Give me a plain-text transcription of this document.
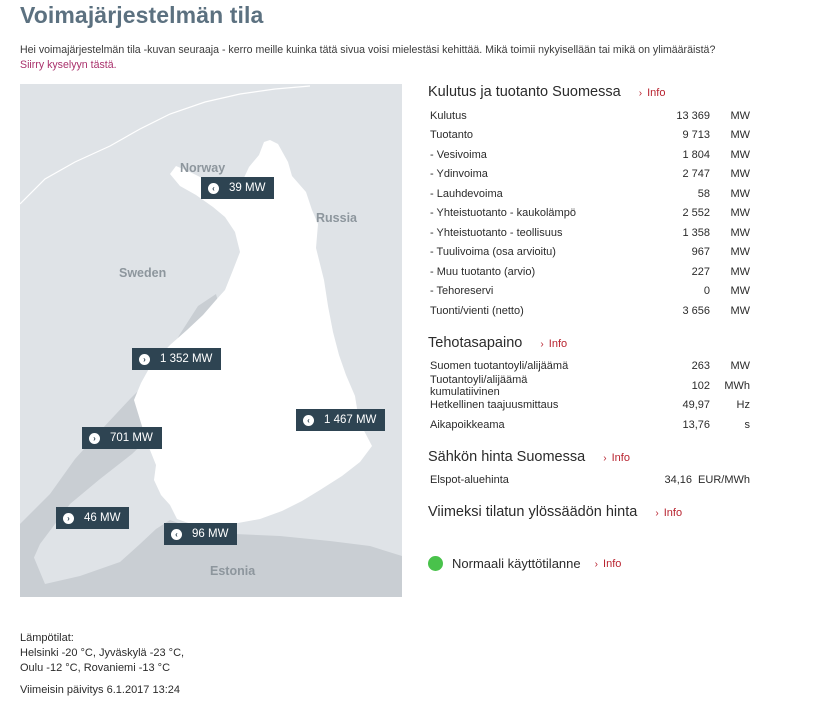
Voimajärjestelmän tila
Hei voimajärjestelmän tila -kuvan seuraaja - kerro meille kuinka tätä sivua voisi mielestäsi kehittää. Mikä toimii nykyisellään tai mikä on ylimääräistä?
Siirry kyselyyn tästä.
Norway
Sweden
Russia
Estonia
‹	39 MW
›	1 352 MW
‹	1 467 MW
›	701 MW
›	46 MW
‹	96 MW
Kulutus ja tuotanto Suomessa › Info
Kulutus	13 369	MW
Tuotanto	9 713	MW
- Vesivoima	1 804	MW
- Ydinvoima	2 747	MW
- Lauhdevoima	58	MW
- Yhteistuotanto - kaukolämpö	2 552	MW
- Yhteistuotanto - teollisuus	1 358	MW
- Tuulivoima (osa arvioitu)	967	MW
- Muu tuotanto (arvio)	227	MW
- Tehoreservi	0	MW
Tuonti/vienti (netto)	3 656	MW
Tehotasapaino › Info
Suomen tuotantoyli/alijäämä	263	MW
Tuotantoyli/alijäämä kumulatiivinen	102	MWh
Hetkellinen taajuusmittaus	49,97	Hz
Aikapoikkeama	13,76	s
Sähkön hinta Suomessa › Info
Elspot-aluehinta	34,16 EUR/MWh
Viimeksi tilatun ylössäädön hinta › Info
Normaali käyttötilanne › Info
Lämpötilat:
Helsinki -20 °C, Jyväskylä -23 °C,
Oulu -12 °C, Rovaniemi -13 °C
Viimeisin päivitys 6.1.2017 13:24
